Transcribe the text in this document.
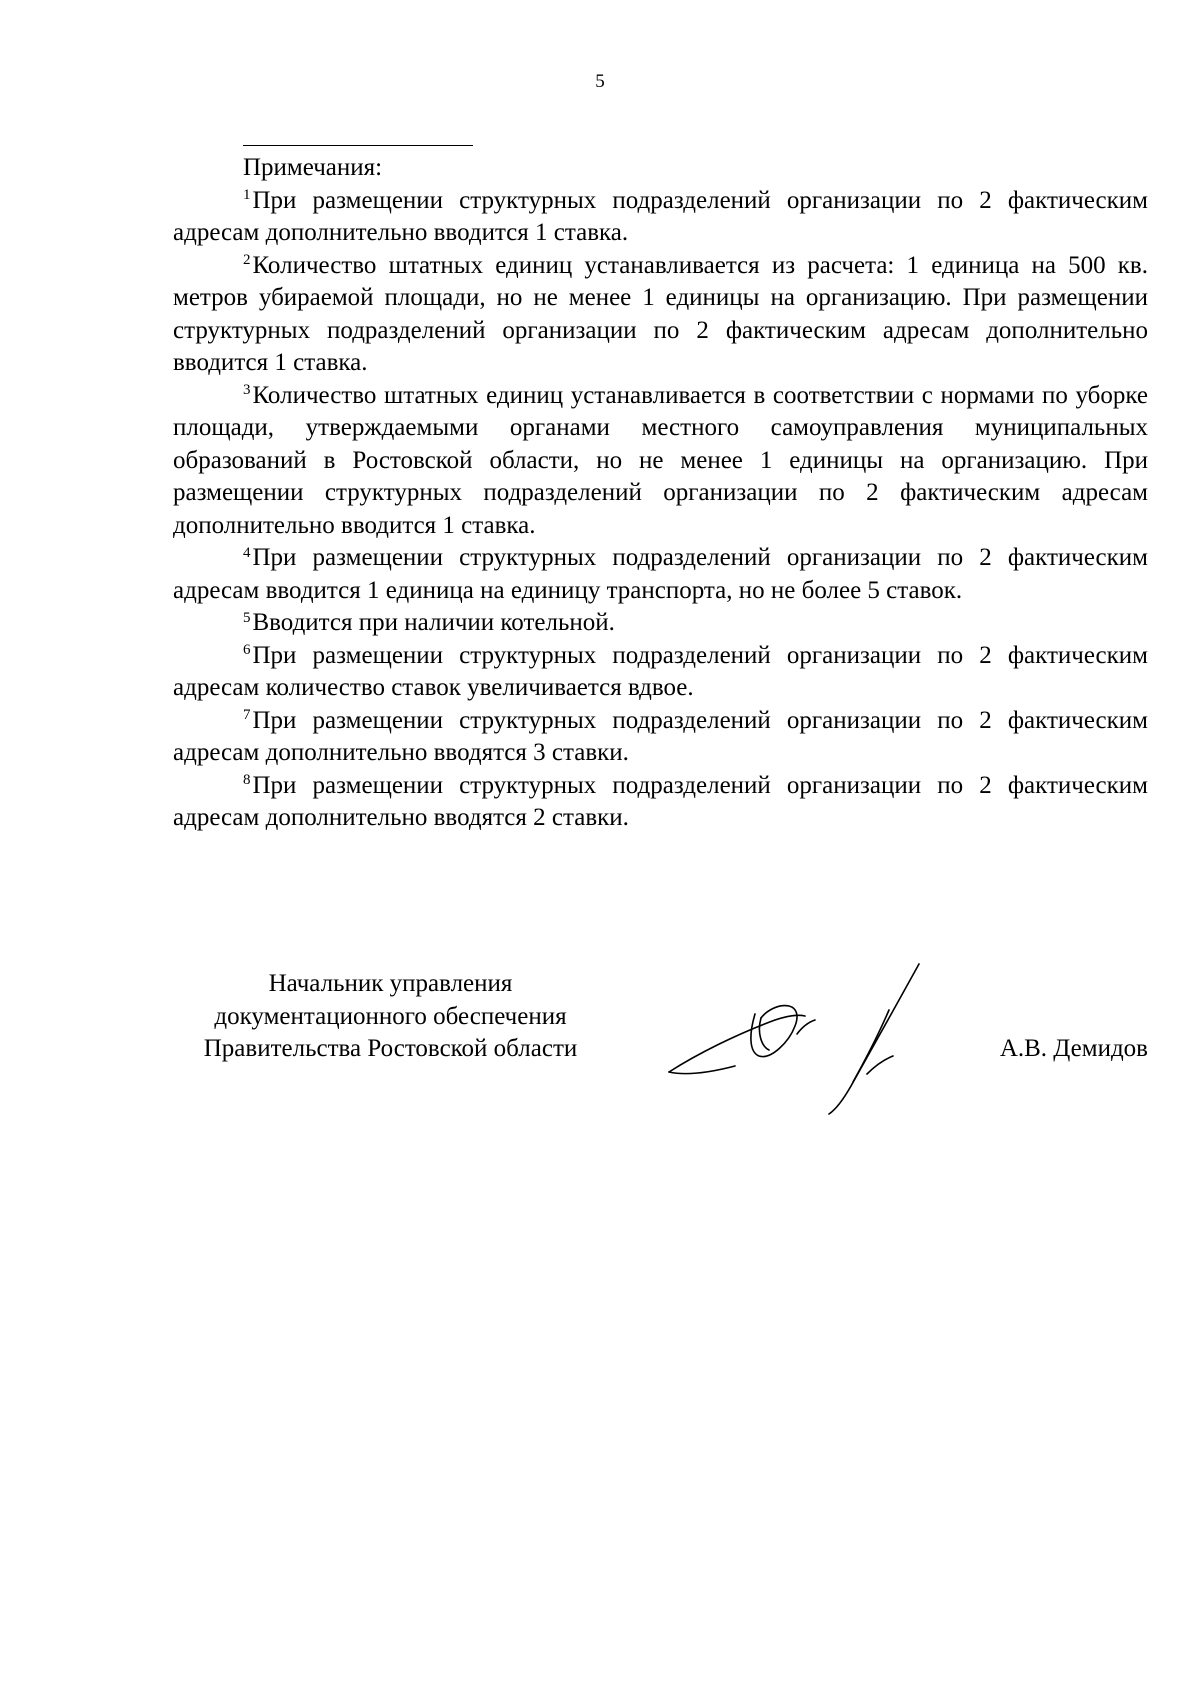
5

Примечания:

$^1$При размещении структурных подразделений организации по 2 фактическим адресам дополнительно вводится 1 ставка.

$^2$Количество штатных единиц устанавливается из расчета: 1 единица на 500 кв. метров убираемой площади, но не менее 1 единицы на организацию. При размещении структурных подразделений организации по 2 фактическим адресам дополнительно вводится 1 ставка.

$^3$Количество штатных единиц устанавливается в соответствии с нормами по уборке площади, утверждаемыми органами местного самоуправления муниципальных образований в Ростовской области, но не менее 1 единицы на организацию. При размещении структурных подразделений организации по 2 фактическим адресам дополнительно вводится 1 ставка.

$^4$При размещении структурных подразделений организации по 2 фактическим адресам вводится 1 единица на единицу транспорта, но не более 5 ставок.

$^5$Вводится при наличии котельной.

$^6$При размещении структурных подразделений организации по 2 фактическим адресам количество ставок увеличивается вдвое.

$^7$При размещении структурных подразделений организации по 2 фактическим адресам дополнительно вводятся 3 ставки.

$^8$При размещении структурных подразделений организации по 2 фактическим адресам дополнительно вводятся 2 ставки.

Начальник управления
документационного обеспечения
Правительства Ростовской области	А.В. Демидов
